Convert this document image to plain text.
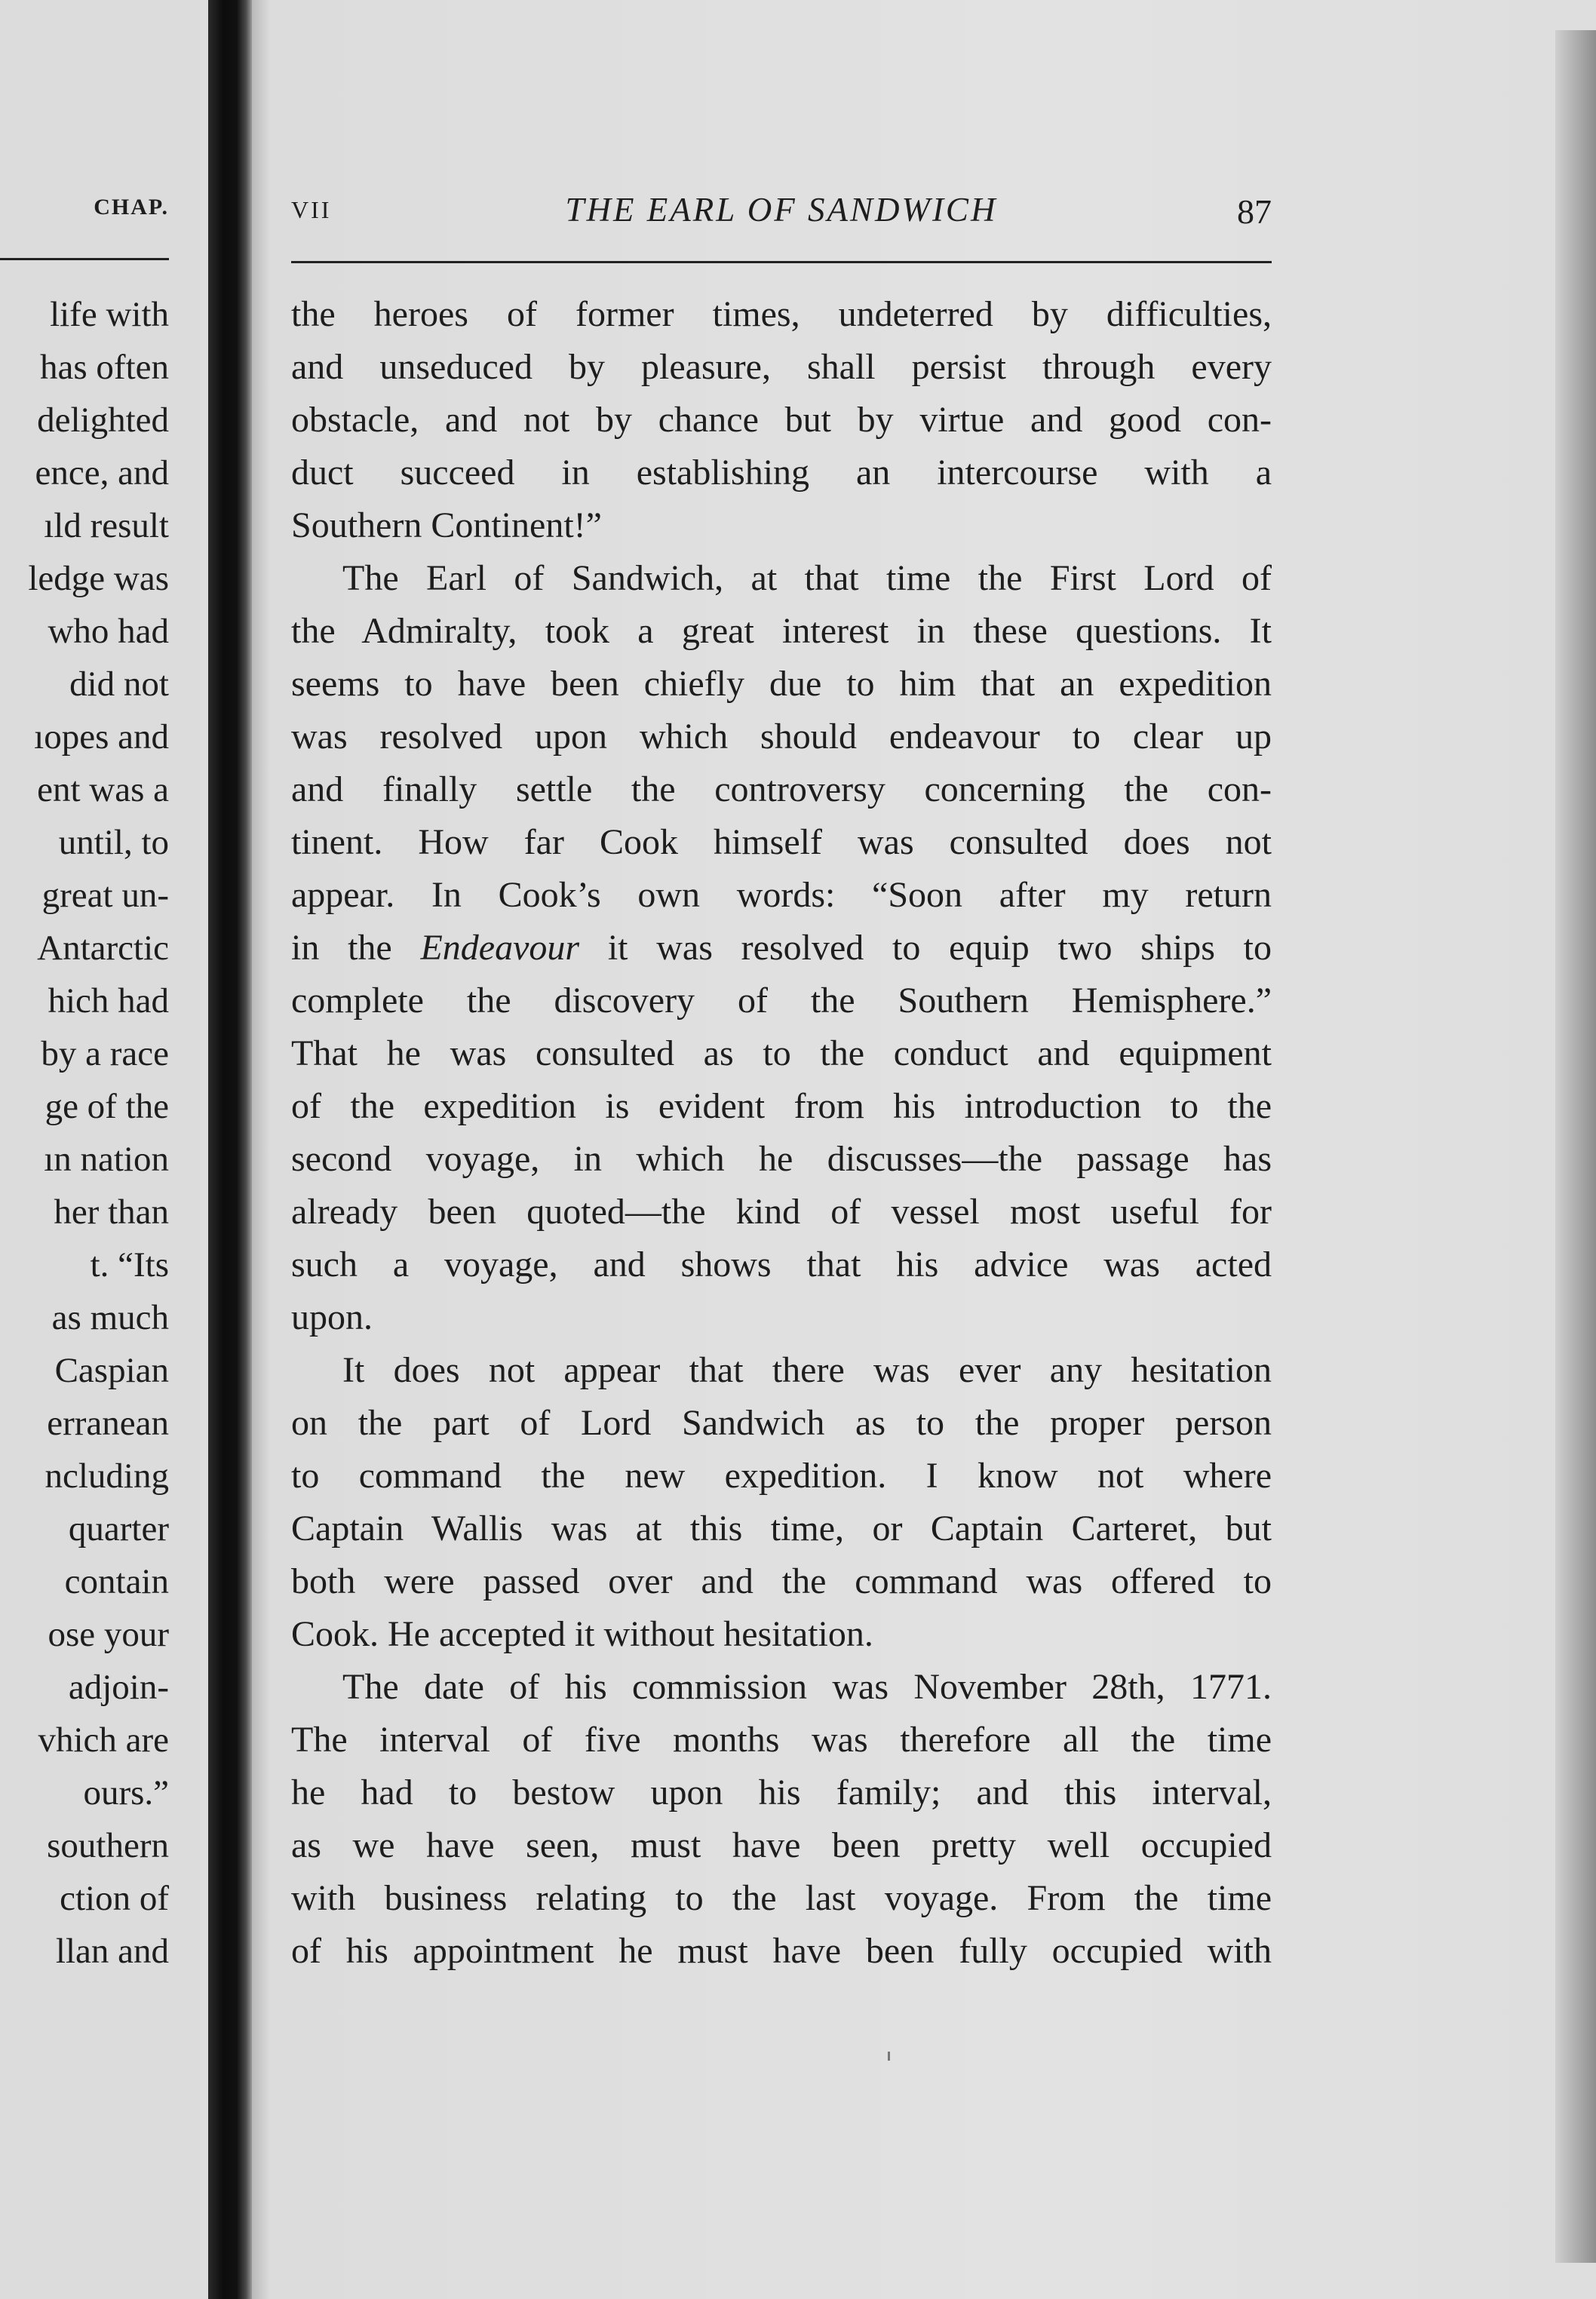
CHAP.
life with
has often
delighted
ence, and
ıld result
ledge was
who had
did not
ıopes and
ent was a
until, to
great un-
Antarctic
hich had
by a race
ge of the
ın nation
her than
t. “Its
as much
Caspian
erranean
ncluding
quarter
contain
ose your
adjoin-
vhich are
ours.”
southern
ction of
llan and
VII	THE EARL OF SANDWICH	87
the heroes of former times, undeterred by difficulties,
and unseduced by pleasure, shall persist through every
obstacle, and not by chance but by virtue and good con-
duct succeed in establishing an intercourse with a
Southern Continent!”
The Earl of Sandwich, at that time the First Lord of
the Admiralty, took a great interest in these questions. It
seems to have been chiefly due to him that an expedition
was resolved upon which should endeavour to clear up
and finally settle the controversy concerning the con-
tinent. How far Cook himself was consulted does not
appear. In Cook’s own words: “Soon after my return
in the Endeavour it was resolved to equip two ships to
complete the discovery of the Southern Hemisphere.”
That he was consulted as to the conduct and equipment
of the expedition is evident from his introduction to the
second voyage, in which he discusses—the passage has
already been quoted—the kind of vessel most useful for
such a voyage, and shows that his advice was acted
upon.
It does not appear that there was ever any hesitation
on the part of Lord Sandwich as to the proper person
to command the new expedition. I know not where
Captain Wallis was at this time, or Captain Carteret, but
both were passed over and the command was offered to
Cook. He accepted it without hesitation.
The date of his commission was November 28th, 1771.
The interval of five months was therefore all the time
he had to bestow upon his family; and this interval,
as we have seen, must have been pretty well occupied
with business relating to the last voyage. From the time
of his appointment he must have been fully occupied with
